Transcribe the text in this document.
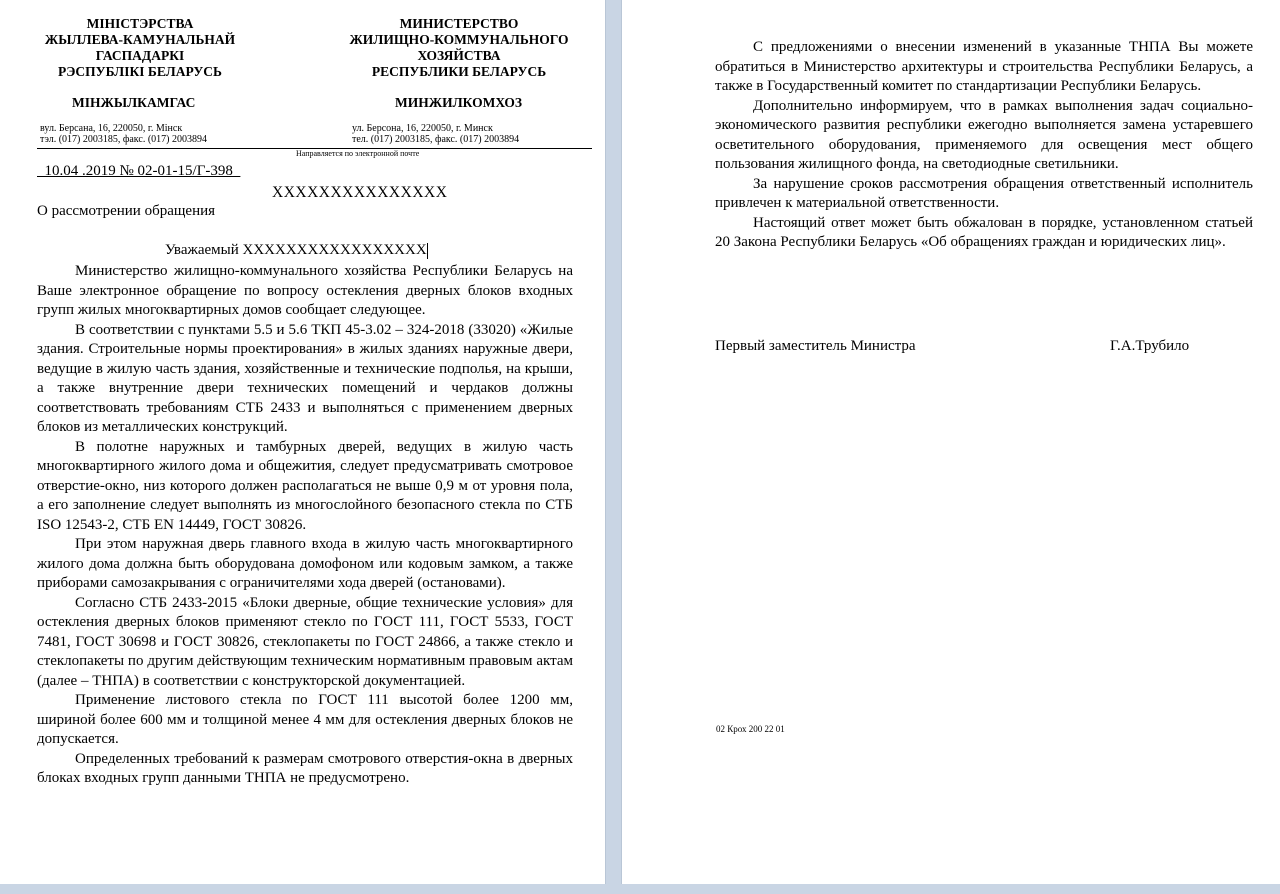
МІНІСТЭРСТВА
ЖЫЛЛЕВА-КАМУНАЛЬНАЙ
ГАСПАДАРКІ
РЭСПУБЛІКІ БЕЛАРУСЬ
МИНИСТЕРСТВО
ЖИЛИЩНО-КОММУНАЛЬНОГО
ХОЗЯЙСТВА
РЕСПУБЛИКИ БЕЛАРУСЬ
МІНЖЫЛКАМГАС	МИНЖИЛКОМХОЗ
вул. Берсана, 16, 220050, г. Мінск
тэл. (017) 2003185, факс. (017) 2003894
ул. Берсона, 16, 220050, г. Минск
тел. (017) 2003185, факс. (017) 2003894
Направляется по электронной почте
10.04 .2019 № 02-01-15/Г-398
ХХХХХХХХХХХХХХХ
О рассмотрении обращения
Уважаемый ХХХХХХХХХХХХХХХХХ

Министерство жилищно-коммунального хозяйства Республики Беларусь на Ваше электронное обращение по вопросу остекления дверных блоков входных групп жилых многоквартирных домов сообщает следующее.

В соответствии с пунктами 5.5 и 5.6 ТКП 45-3.02 – 324-2018 (33020) «Жилые здания. Строительные нормы проектирования» в жилых зданиях наружные двери, ведущие в жилую часть здания, хозяйственные и технические подполья, на крыши, а также внутренние двери технических помещений и чердаков должны соответствовать требованиям СТБ 2433 и выполняться с применением дверных блоков из металлических конструкций.

В полотне наружных и тамбурных дверей, ведущих в жилую часть многоквартирного жилого дома и общежития, следует предусматривать смотровое отверстие-окно, низ которого должен располагаться не выше 0,9 м от уровня пола, а его заполнение следует выполнять из многослойного безопасного стекла по СТБ ISO 12543-2, СТБ EN 14449, ГОСТ 30826.

При этом наружная дверь главного входа в жилую часть многоквартирного жилого дома должна быть оборудована домофоном или кодовым замком, а также приборами самозакрывания с ограничителями хода дверей (остановами).

Согласно СТБ 2433-2015 «Блоки дверные, общие технические условия» для остекления дверных блоков применяют стекло по ГОСТ 111, ГОСТ 5533, ГОСТ 7481, ГОСТ 30698 и ГОСТ 30826, стеклопакеты по ГОСТ 24866, а также стекло и стеклопакеты по другим действующим техническим нормативным правовым актам (далее – ТНПА) в соответствии с конструкторской документацией.

Применение листового стекла по ГОСТ 111 высотой более 1200 мм, шириной более 600 мм и толщиной менее 4 мм для остекления дверных блоков не допускается.

Определенных требований к размерам смотрового отверстия-окна в дверных блоках входных групп данными ТНПА не предусмотрено.

С предложениями о внесении изменений в указанные ТНПА Вы можете обратиться в Министерство архитектуры и строительства Республики Беларусь, а также в Государственный комитет по стандартизации Республики Беларусь.

Дополнительно информируем, что в рамках выполнения задач социально-экономического развития республики ежегодно выполняется замена устаревшего осветительного оборудования, применяемого для освещения мест общего пользования жилищного фонда, на светодиодные светильники.

За нарушение сроков рассмотрения обращения ответственный исполнитель привлечен к материальной ответственности.

Настоящий ответ может быть обжалован в порядке, установленном статьей 20 Закона Республики Беларусь «Об обращениях граждан и юридических лиц».

Первый заместитель Министра	Г.А.Трубило
02 Крох 200 22 01
